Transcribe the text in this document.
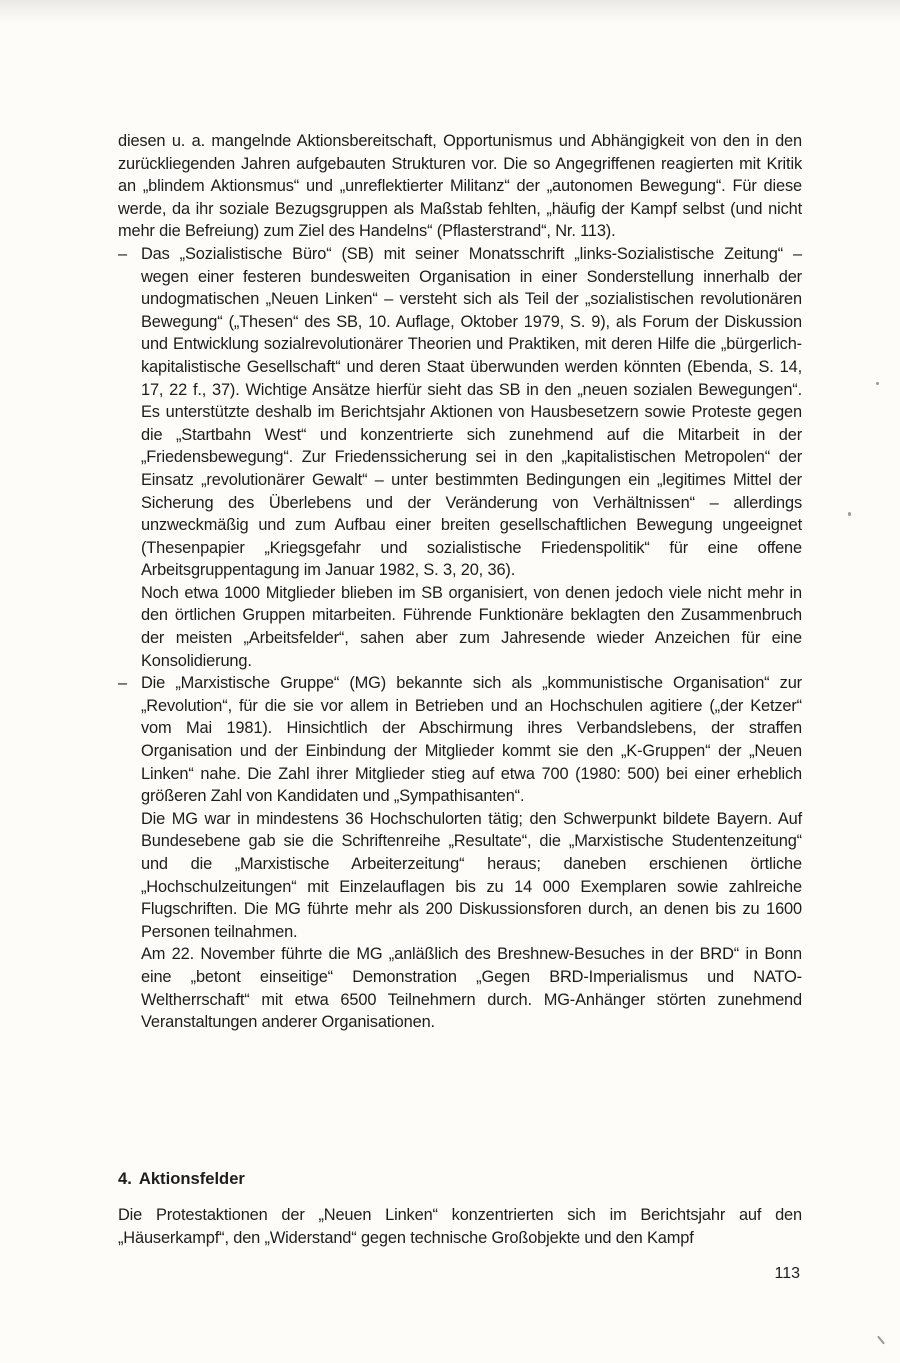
diesen u. a. mangelnde Aktionsbereitschaft, Opportunismus und Abhängigkeit von den in den zurückliegenden Jahren aufgebauten Strukturen vor. Die so Angegriffenen reagierten mit Kritik an „blindem Aktionsmus“ und „unreflektierter Militanz“ der „autonomen Bewegung“. Für diese werde, da ihr soziale Bezugsgruppen als Maßstab fehlten, „häufig der Kampf selbst (und nicht mehr die Befreiung) zum Ziel des Handelns“ (Pflasterstrand“, Nr. 113).

– Das „Sozialistische Büro“ (SB) mit seiner Monatsschrift „links-Sozialistische Zeitung“ – wegen einer festeren bundesweiten Organisation in einer Sonderstellung innerhalb der undogmatischen „Neuen Linken“ – versteht sich als Teil der „sozialistischen revolutionären Bewegung“ („Thesen“ des SB, 10. Auflage, Oktober 1979, S. 9), als Forum der Diskussion und Entwicklung sozialrevolutionärer Theorien und Praktiken, mit deren Hilfe die „bürgerlich-kapitalistische Gesellschaft“ und deren Staat überwunden werden könnten (Ebenda, S. 14, 17, 22 f., 37). Wichtige Ansätze hierfür sieht das SB in den „neuen sozialen Bewegungen“. Es unterstützte deshalb im Berichtsjahr Aktionen von Hausbesetzern sowie Proteste gegen die „Startbahn West“ und konzentrierte sich zunehmend auf die Mitarbeit in der „Friedensbewegung“. Zur Friedenssicherung sei in den „kapitalistischen Metropolen“ der Einsatz „revolutionärer Gewalt“ – unter bestimmten Bedingungen ein „legitimes Mittel der Sicherung des Überlebens und der Veränderung von Verhältnissen“ – allerdings unzweckmäßig und zum Aufbau einer breiten gesellschaftlichen Bewegung ungeeignet (Thesenpapier „Kriegsgefahr und sozialistische Friedenspolitik“ für eine offene Arbeitsgruppentagung im Januar 1982, S. 3, 20, 36).

Noch etwa 1000 Mitglieder blieben im SB organisiert, von denen jedoch viele nicht mehr in den örtlichen Gruppen mitarbeiten. Führende Funktionäre beklagten den Zusammenbruch der meisten „Arbeitsfelder“, sahen aber zum Jahresende wieder Anzeichen für eine Konsolidierung.

– Die „Marxistische Gruppe“ (MG) bekannte sich als „kommunistische Organisation“ zur „Revolution“, für die sie vor allem in Betrieben und an Hochschulen agitiere („der Ketzer“ vom Mai 1981). Hinsichtlich der Abschirmung ihres Verbandslebens, der straffen Organisation und der Einbindung der Mitglieder kommt sie den „K-Gruppen“ der „Neuen Linken“ nahe. Die Zahl ihrer Mitglieder stieg auf etwa 700 (1980: 500) bei einer erheblich größeren Zahl von Kandidaten und „Sympathisanten“.

Die MG war in mindestens 36 Hochschulorten tätig; den Schwerpunkt bildete Bayern. Auf Bundesebene gab sie die Schriftenreihe „Resultate“, die „Marxistische Studentenzeitung“ und die „Marxistische Arbeiterzeitung“ heraus; daneben erschienen örtliche „Hochschulzeitungen“ mit Einzelauflagen bis zu 14 000 Exemplaren sowie zahlreiche Flugschriften. Die MG führte mehr als 200 Diskussionsforen durch, an denen bis zu 1600 Personen teilnahmen.

Am 22. November führte die MG „anläßlich des Breshnew-Besuches in der BRD“ in Bonn eine „betont einseitige“ Demonstration „Gegen BRD-Imperialismus und NATO-Weltherrschaft“ mit etwa 6500 Teilnehmern durch. MG-Anhänger störten zunehmend Veranstaltungen anderer Organisationen.

4. Aktionsfelder

Die Protestaktionen der „Neuen Linken“ konzentrierten sich im Berichtsjahr auf den „Häuserkampf“, den „Widerstand“ gegen technische Großobjekte und den Kampf

113
